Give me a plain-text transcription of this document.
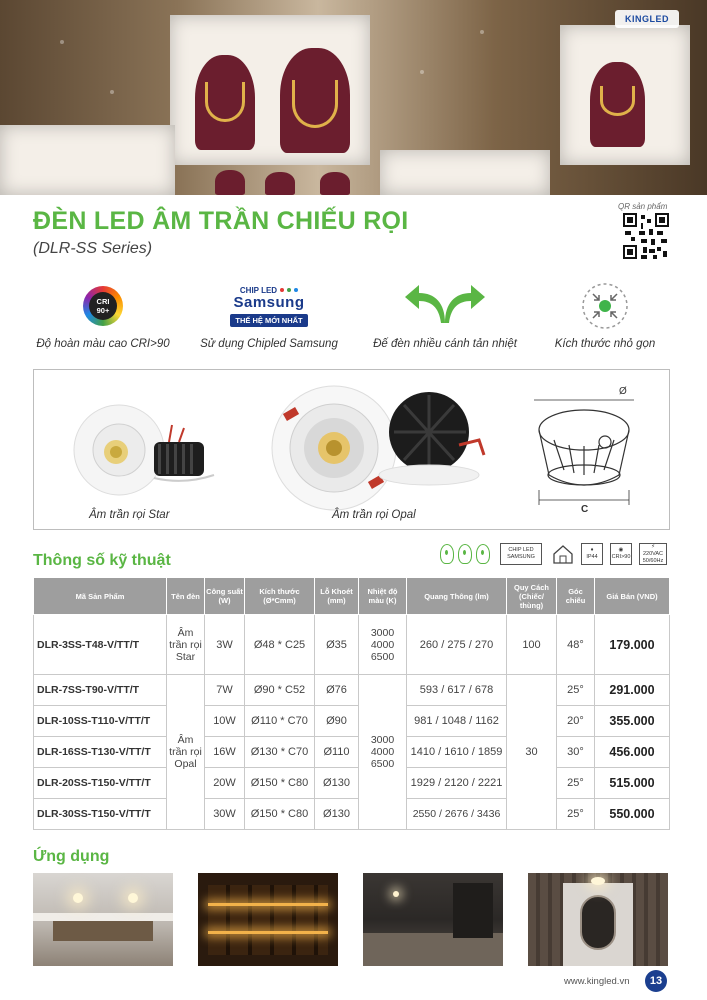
KINGLED
ĐÈN LED ÂM TRẦN CHIẾU RỌI
(DLR-SS Series)
QR sản phẩm
CRI
90+
Độ hoàn màu cao CRI>90
CHIP LED
Samsung
THẾ HỆ MỚI NHẤT
Sử dụng Chipled Samsung	Đế đèn nhiều cánh tản nhiệt	Kích thước nhỏ gọn
Âm trần rọi Star	Âm trần rọi Opal
Ø
C
Thông số kỹ thuật
CHIP LED
SAMSUNG
♦
IP44
◉
CRI>90
⚡
220VAC 50/60Hz
Mã Sản Phẩm	Tên đèn	Công suất (W)	Kích thước (Ø*Cmm)	Lỗ Khoét (mm)	Nhiệt độ màu (K)	Quang Thông (lm)	Quy Cách (Chiếc/ thùng)	Góc chiếu	Giá Bán (VND)
DLR-3SS-T48-V/TT/T	Âm trần rọi Star	3W	Ø48 * C25	Ø35	3000 4000 6500	260 / 275 / 270	100	48°	179.000
DLR-7SS-T90-V/TT/T	Âm trần rọi Opal	7W	Ø90 * C52	Ø76	3000 4000 6500	593 / 617 / 678	30	25°	291.000
DLR-10SS-T110-V/TT/T		10W	Ø110 * C70	Ø90		981 / 1048 / 1162		20°	355.000
DLR-16SS-T130-V/TT/T		16W	Ø130 * C70	Ø110		1410 / 1610 / 1859		30°	456.000
DLR-20SS-T150-V/TT/T		20W	Ø150 * C80	Ø130		1929 / 2120 / 2221		25°	515.000
DLR-30SS-T150-V/TT/T		30W	Ø150 * C80	Ø130		2550 / 2676 / 3436		25°	550.000
Ứng dụng
www.kingled.vn	13
